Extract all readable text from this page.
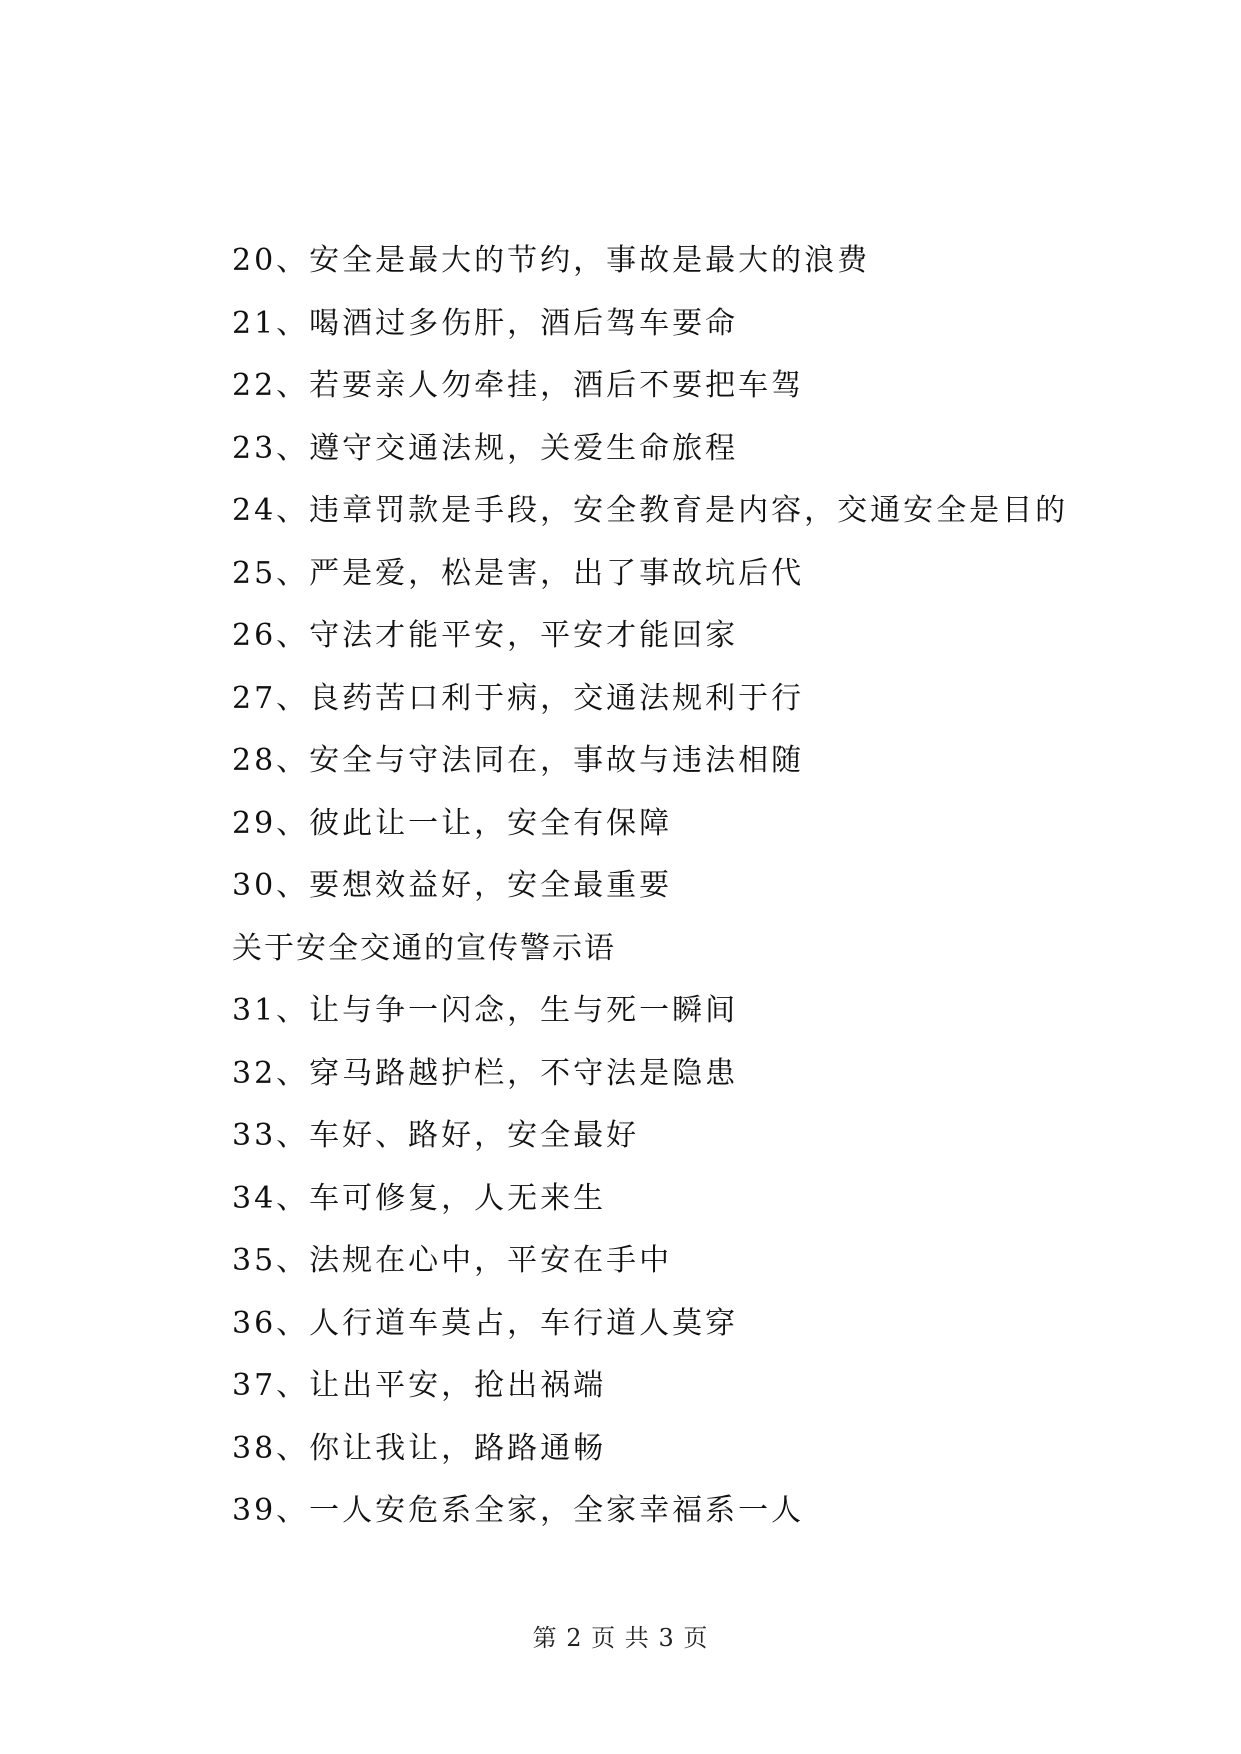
20、安全是最大的节约，事故是最大的浪费
21、喝酒过多伤肝，酒后驾车要命
22、若要亲人勿牵挂，酒后不要把车驾
23、遵守交通法规，关爱生命旅程
24、违章罚款是手段，安全教育是内容，交通安全是目的
25、严是爱，松是害，出了事故坑后代
26、守法才能平安，平安才能回家
27、良药苦口利于病，交通法规利于行
28、安全与守法同在，事故与违法相随
29、彼此让一让，安全有保障
30、要想效益好，安全最重要
关于安全交通的宣传警示语
31、让与争一闪念，生与死一瞬间
32、穿马路越护栏，不守法是隐患
33、车好、路好，安全最好
34、车可修复，人无来生
35、法规在心中，平安在手中
36、人行道车莫占，车行道人莫穿
37、让出平安，抢出祸端
38、你让我让，路路通畅
39、一人安危系全家，全家幸福系一人
第 2 页 共 3 页
